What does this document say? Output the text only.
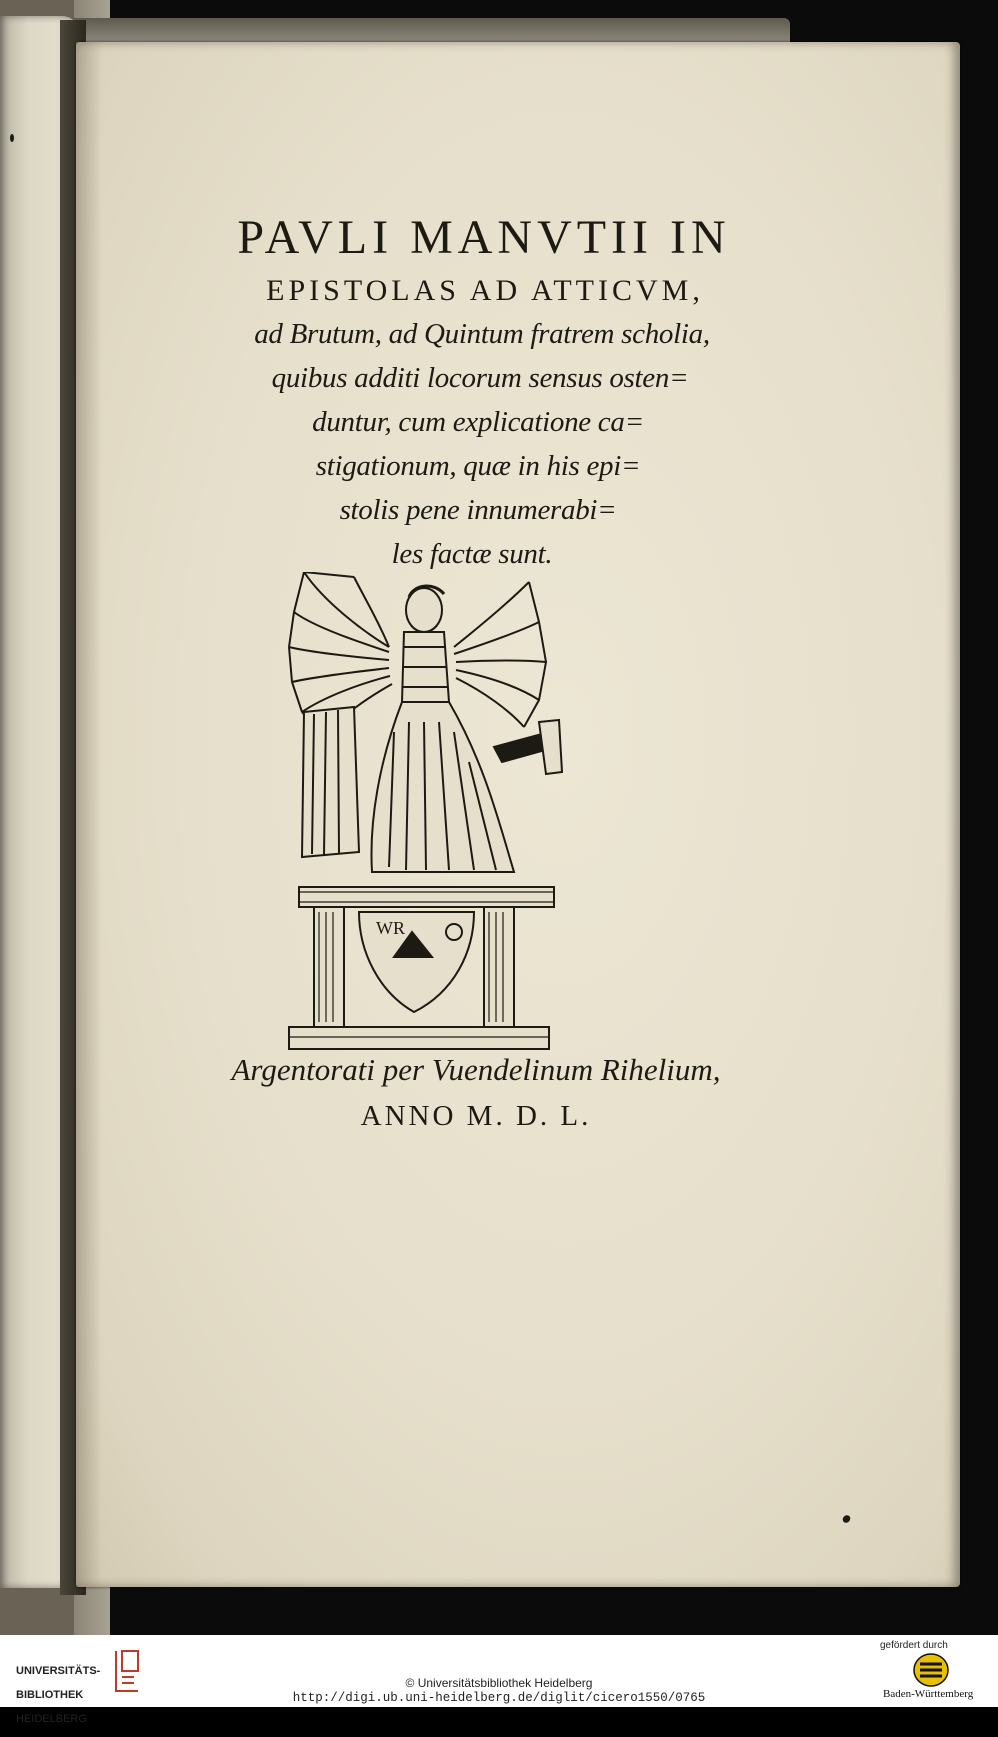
PAVLI MANVTII IN
EPISTOLAS AD ATTICVM,
ad Brutum, ad Quintum fratrem scholia,
quibus additi locorum sensus osten=
duntur, cum explicatione ca=
stigationum, quæ in his epi=
stolis pene innumerabi=
les factæ sunt.
WR
Argentorati per Vuendelinum Rihelium,
ANNO M. D. L.

UNIVERSITÄTS-

BIBLIOTHEK

HEIDELBERG

© Universitätsbibliothek Heidelberg
http://digi.ub.uni-heidelberg.de/diglit/cicero1550/0765
gefördert durch
Baden-Württemberg
